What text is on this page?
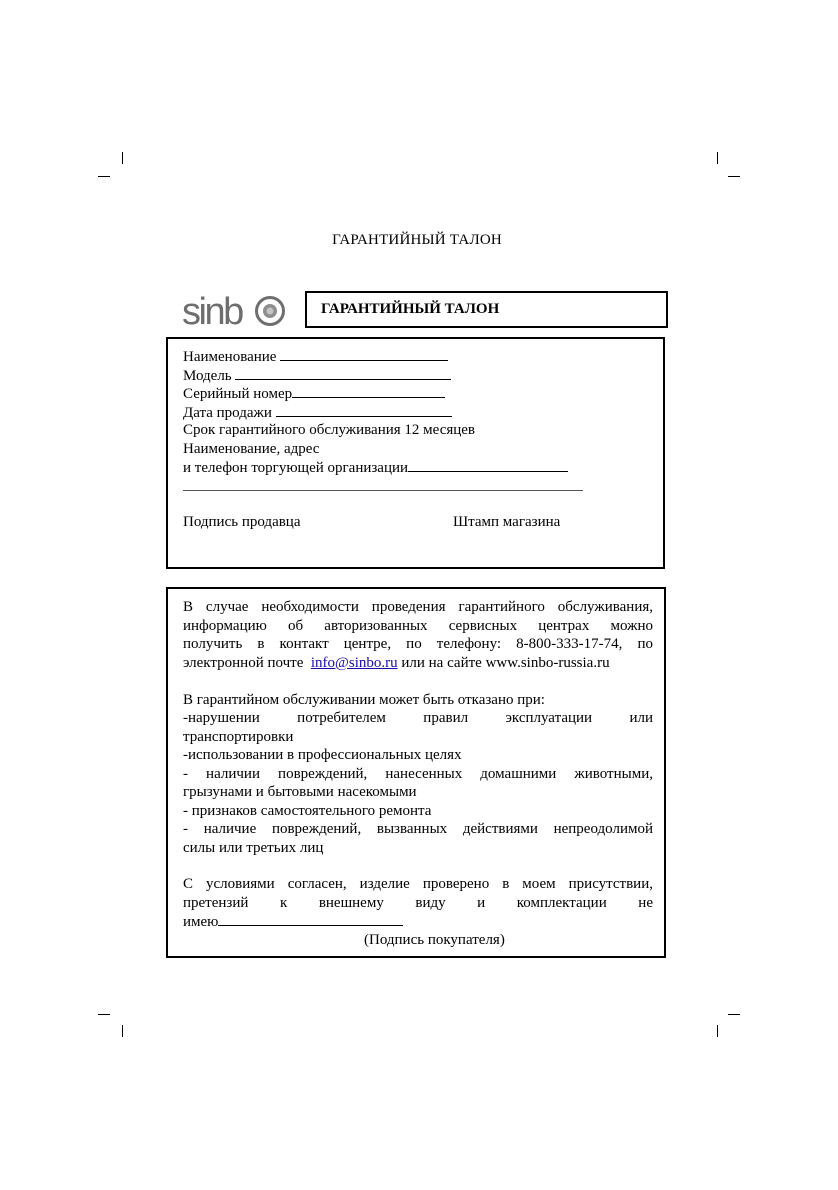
ГАРАНТИЙНЫЙ ТАЛОН
sinb	ГАРАНТИЙНЫЙ ТАЛОН
Наименование
Модель
Серийный номер
Дата продажи
Срок гарантийного обслуживания 12 месяцев
Наименование, адрес
и телефон торгующей организации
Подпись продавца	Штамп магазина
В случае необходимости проведения гарантийного обслуживания,
информацию об авторизованных сервисных центрах можно
получить в контакт центре, по телефону: 8-800-333-17-74, по
электронной почте info@sinbo.ru или на сайте www.sinbo-russia.ru
В гарантийном обслуживании может быть отказано при:
-нарушении потребителем правил эксплуатации или
транспортировки
-использовании в профессиональных целях
- наличии повреждений, нанесенных домашними животными,
грызунами и бытовыми насекомыми
- признаков самостоятельного ремонта
- наличие повреждений, вызванных действиями непреодолимой
силы или третьих лиц
С условиями согласен, изделие проверено в моем присутствии,
претензий к внешнему виду и комплектации не
имею
(Подпись покупателя)
